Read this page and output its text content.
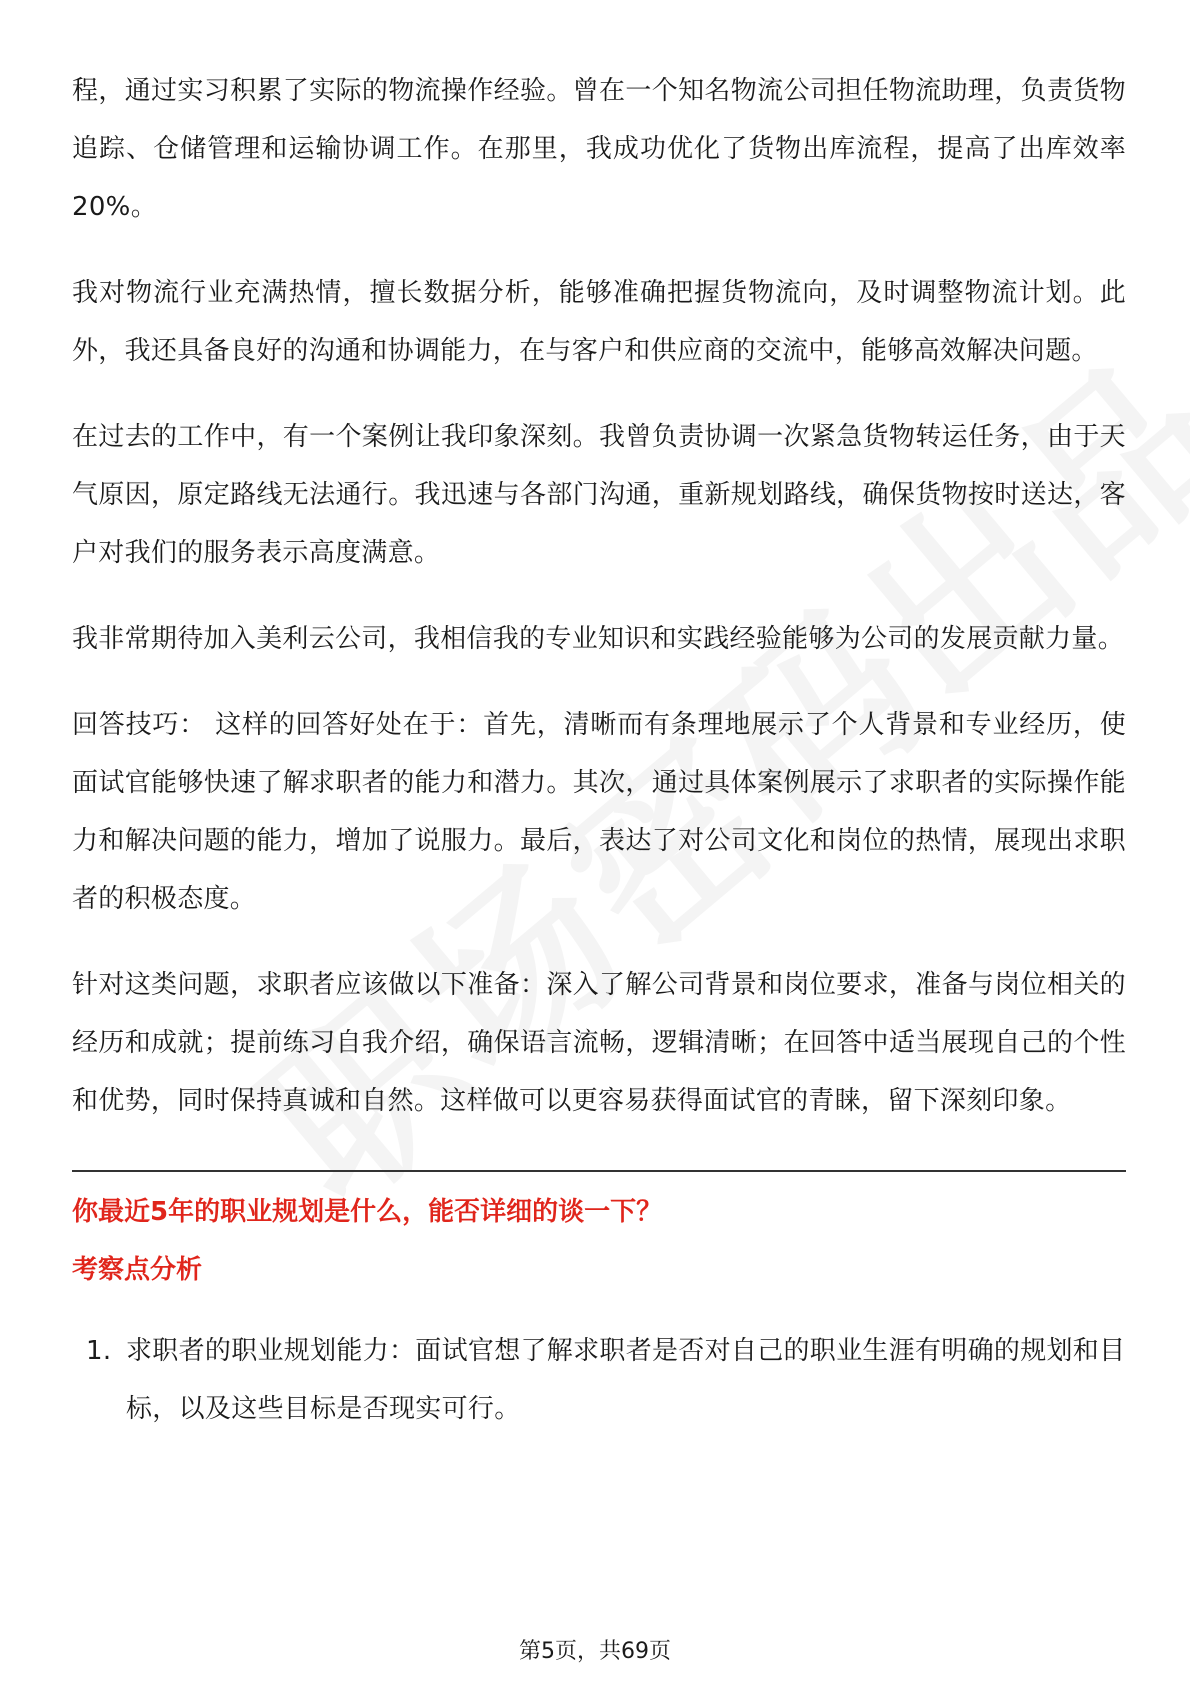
程，通过实习积累了实际的物流操作经验。曾在一个知名物流公司担任物流助理，负责货物追踪、仓储管理和运输协调工作。在那里，我成功优化了货物出库流程，提高了出库效率20%。

我对物流行业充满热情，擅长数据分析，能够准确把握货物流向，及时调整物流计划。此外，我还具备良好的沟通和协调能力，在与客户和供应商的交流中，能够高效解决问题。

在过去的工作中，有一个案例让我印象深刻。我曾负责协调一次紧急货物转运任务，由于天气原因，原定路线无法通行。我迅速与各部门沟通，重新规划路线，确保货物按时送达，客户对我们的服务表示高度满意。

我非常期待加入美利云公司，我相信我的专业知识和实践经验能够为公司的发展贡献力量。

回答技巧： 这样的回答好处在于：首先，清晰而有条理地展示了个人背景和专业经历，使面试官能够快速了解求职者的能力和潜力。其次，通过具体案例展示了求职者的实际操作能力和解决问题的能力，增加了说服力。最后，表达了对公司文化和岗位的热情，展现出求职者的积极态度。

针对这类问题，求职者应该做以下准备：深入了解公司背景和岗位要求，准备与岗位相关的经历和成就；提前练习自我介绍，确保语言流畅，逻辑清晰；在回答中适当展现自己的个性和优势，同时保持真诚和自然。这样做可以更容易获得面试官的青睐，留下深刻印象。

你最近5年的职业规划是什么，能否详细的谈一下？
考察点分析
1. 求职者的职业规划能力：面试官想了解求职者是否对自己的职业生涯有明确的规划和目标，以及这些目标是否现实可行。
第5页，共69页
